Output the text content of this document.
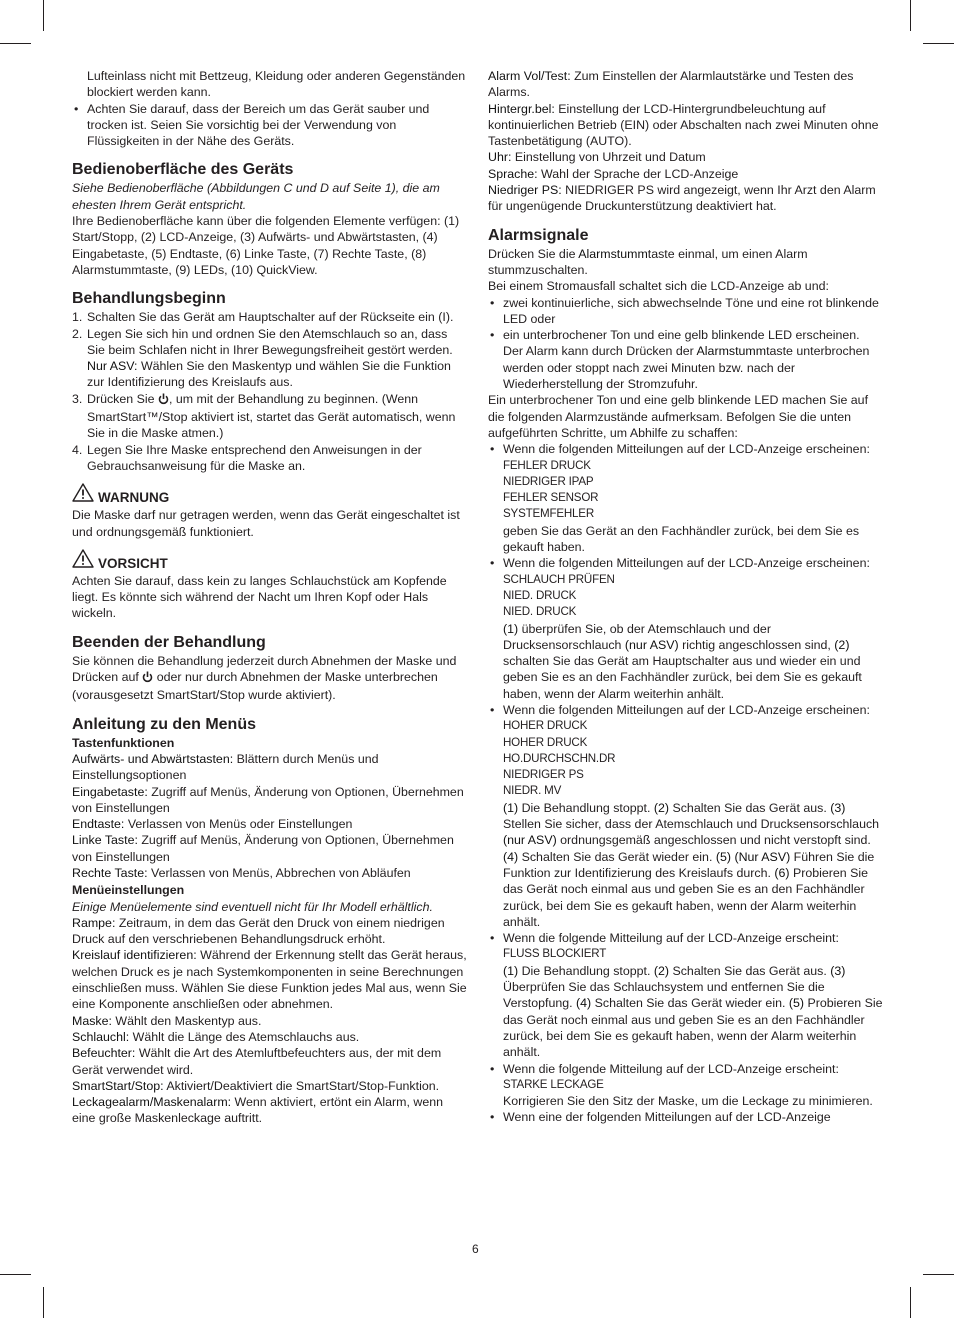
Lufteinlass nicht mit Bettzeug, Kleidung oder anderen Gegenständen blockiert werden kann.

• Achten Sie darauf, dass der Bereich um das Gerät sauber und trocken ist. Seien Sie vorsichtig bei der Verwendung von Flüssigkeiten in der Nähe des Geräts.

Bedienoberfläche des Geräts

Siehe Bedienoberfläche (Abbildungen C und D auf Seite 1), die am ehesten Ihrem Gerät entspricht.

Ihre Bedienoberfläche kann über die folgenden Elemente verfügen: (1) Start/Stopp, (2) LCD-Anzeige, (3) Aufwärts- und Abwärtstasten, (4) Eingabetaste, (5) Endtaste, (6) Linke Taste, (7) Rechte Taste, (8) Alarmstummtaste, (9) LEDs, (10) QuickView.

Behandlungsbeginn
1. Schalten Sie das Gerät am Hauptschalter auf der Rückseite ein (I).
2. Legen Sie sich hin und ordnen Sie den Atemschlauch so an, dass Sie beim Schlafen nicht in Ihrer Bewegungsfreiheit gestört werden.
Nur ASV: Wählen Sie den Maskentyp und wählen Sie die Funktion zur Identifizierung des Kreislaufs aus.
3. Drücken Sie , um mit der Behandlung zu beginnen. (Wenn SmartStart™/Stop aktiviert ist, startet das Gerät automatisch, wenn Sie in die Maske atmen.)
4. Legen Sie Ihre Maske entsprechend den Anweisungen in der Gebrauchsanweisung für die Maske an.
WARNUNG

Die Maske darf nur getragen werden, wenn das Gerät eingeschaltet ist und ordnungsgemäß funktioniert.

VORSICHT

Achten Sie darauf, dass kein zu langes Schlauchstück am Kopfende liegt. Es könnte sich während der Nacht um Ihren Kopf oder Hals wickeln.

Beenden der Behandlung

Sie können die Behandlung jederzeit durch Abnehmen der Maske und Drücken auf oder nur durch Abnehmen der Maske unterbrechen (vorausgesetzt SmartStart/Stop wurde aktiviert).

Anleitung zu den Menüs

Tastenfunktionen

Aufwärts- und Abwärtstasten: Blättern durch Menüs und Einstellungsoptionen

Eingabetaste: Zugriff auf Menüs, Änderung von Optionen, Übernehmen von Einstellungen

Endtaste: Verlassen von Menüs oder Einstellungen

Linke Taste: Zugriff auf Menüs, Änderung von Optionen, Übernehmen von Einstellungen

Rechte Taste: Verlassen von Menüs, Abbrechen von Abläufen

Menüeinstellungen

Einige Menüelemente sind eventuell nicht für Ihr Modell erhältlich.

Rampe: Zeitraum, in dem das Gerät den Druck von einem niedrigen Druck auf den verschriebenen Behandlungsdruck erhöht.

Kreislauf identifizieren: Während der Erkennung stellt das Gerät heraus, welchen Druck es je nach Systemkomponenten in seine Berechnungen einschließen muss. Wählen Sie diese Funktion jedes Mal aus, wenn Sie eine Komponente anschließen oder abnehmen.

Maske: Wählt den Maskentyp aus.

Schlauchl: Wählt die Länge des Atemschlauchs aus.

Befeuchter: Wählt die Art des Atemluftbefeuchters aus, der mit dem Gerät verwendet wird.

SmartStart/Stop: Aktiviert/Deaktiviert die SmartStart/Stop-Funktion.

Leckagealarm/Maskenalarm: Wenn aktiviert, ertönt ein Alarm, wenn eine große Maskenleckage auftritt.

Alarm Vol/Test: Zum Einstellen der Alarmlautstärke und Testen des Alarms.

Hintergr.bel: Einstellung der LCD-Hintergrundbeleuchtung auf kontinuierlichen Betrieb (EIN) oder Abschalten nach zwei Minuten ohne Tastenbetätigung (AUTO).

Uhr: Einstellung von Uhrzeit und Datum

Sprache: Wahl der Sprache der LCD-Anzeige

Niedriger PS: NIEDRIGER PS wird angezeigt, wenn Ihr Arzt den Alarm für ungenügende Druckunterstützung deaktiviert hat.

Alarmsignale

Drücken Sie die Alarmstummtaste einmal, um einen Alarm stummzuschalten.

Bei einem Stromausfall schaltet sich die LCD-Anzeige ab und:

• zwei kontinuierliche, sich abwechselnde Töne und eine rot blinkende LED oder

• ein unterbrochener Ton und eine gelb blinkende LED erscheinen.
Der Alarm kann durch Drücken der Alarmstummtaste unterbrochen werden oder stoppt nach zwei Minuten bzw. nach der Wiederherstellung der Stromzufuhr.

Ein unterbrochener Ton und eine gelb blinkende LED machen Sie auf die folgenden Alarmzustände aufmerksam. Befolgen Sie die unten aufgeführten Schritte, um Abhilfe zu schaffen:

• Wenn die folgenden Mitteilungen auf der LCD-Anzeige erscheinen:
FEHLER DRUCK
NIEDRIGER IPAP
FEHLER SENSOR
SYSTEMFEHLER
geben Sie das Gerät an den Fachhändler zurück, bei dem Sie es gekauft haben.
• Wenn die folgenden Mitteilungen auf der LCD-Anzeige erscheinen:
SCHLAUCH PRÜFEN
NIED. DRUCK
NIED. DRUCK
(1) überprüfen Sie, ob der Atemschlauch und der Drucksensorschlauch (nur ASV) richtig angeschlossen sind, (2) schalten Sie das Gerät am Hauptschalter aus und wieder ein und geben Sie es an den Fachhändler zurück, bei dem Sie es gekauft haben, wenn der Alarm weiterhin anhält.
• Wenn die folgenden Mitteilungen auf der LCD-Anzeige erscheinen:
HOHER DRUCK
HOHER DRUCK
HO.DURCHSCHN.DR
NIEDRIGER PS
NIEDR. MV
(1) Die Behandlung stoppt. (2) Schalten Sie das Gerät aus. (3) Stellen Sie sicher, dass der Atemschlauch und Drucksensorschlauch (nur ASV) ordnungsgemäß angeschlossen und nicht verstopft sind. (4) Schalten Sie das Gerät wieder ein. (5) (Nur ASV) Führen Sie die Funktion zur Identifizierung des Kreislaufs durch. (6) Probieren Sie das Gerät noch einmal aus und geben Sie es an den Fachhändler zurück, bei dem Sie es gekauft haben, wenn der Alarm weiterhin anhält.
• Wenn die folgende Mitteilung auf der LCD-Anzeige erscheint:
FLUSS BLOCKIERT
(1) Die Behandlung stoppt. (2) Schalten Sie das Gerät aus. (3) Überprüfen Sie das Schlauchsystem und entfernen Sie die Verstopfung. (4) Schalten Sie das Gerät wieder ein. (5) Probieren Sie das Gerät noch einmal aus und geben Sie es an den Fachhändler zurück, bei dem Sie es gekauft haben, wenn der Alarm weiterhin anhält.
• Wenn die folgende Mitteilung auf der LCD-Anzeige erscheint:
STARKE LECKAGE
Korrigieren Sie den Sitz der Maske, um die Leckage zu minimieren.

• Wenn eine der folgenden Mitteilungen auf der LCD-Anzeige

6
